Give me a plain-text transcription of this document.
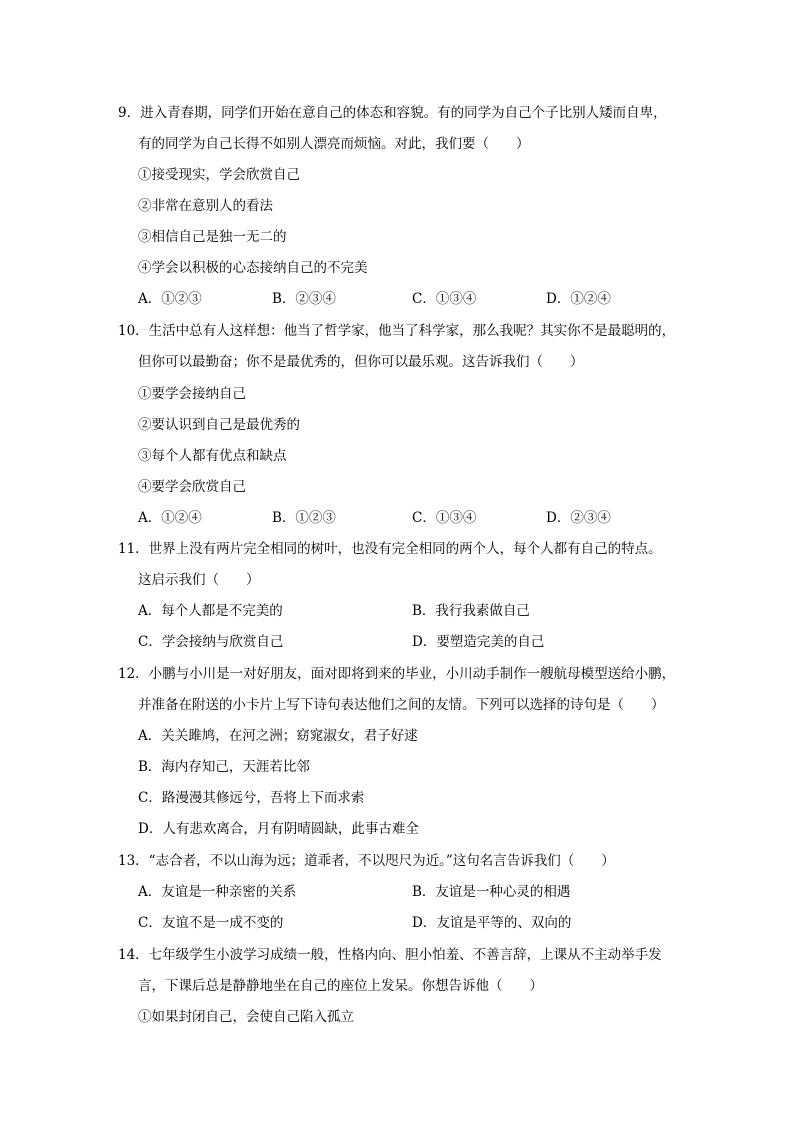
9．进入青春期，同学们开始在意自己的体态和容貌。有的同学为自己个子比别人矮而自卑，
有的同学为自己长得不如别人漂亮而烦恼。对此，我们要（　　）
①接受现实，学会欣赏自己
②非常在意别人的看法
③相信自己是独一无二的
④学会以积极的心态接纳自己的不完美
A．①②③	B．②③④	C．①③④	D．①②④
10．生活中总有人这样想：他当了哲学家，他当了科学家，那么我呢？其实你不是最聪明的，
但你可以最勤奋；你不是最优秀的，但你可以最乐观。这告诉我们（　　）
①要学会接纳自己
②要认识到自己是最优秀的
③每个人都有优点和缺点
④要学会欣赏自己
A．①②④	B．①②③	C．①③④	D．②③④
11．世界上没有两片完全相同的树叶，也没有完全相同的两个人，每个人都有自己的特点。
这启示我们（　　）
A．每个人都是不完美的	B．我行我素做自己
C．学会接纳与欣赏自己	D．要塑造完美的自己
12．小鹏与小川是一对好朋友，面对即将到来的毕业，小川动手制作一艘航母模型送给小鹏，
并准备在附送的小卡片上写下诗句表达他们之间的友情。下列可以选择的诗句是（　　）
A．关关雎鸠，在河之洲；窈窕淑女，君子好逑
B．海内存知己，天涯若比邻
C．路漫漫其修远兮，吾将上下而求索
D．人有悲欢离合，月有阴晴圆缺，此事古难全
13．“志合者，不以山海为远；道乖者，不以咫尺为近。”这句名言告诉我们（　　）
A．友谊是一种亲密的关系	B．友谊是一种心灵的相遇
C．友谊不是一成不变的	D．友谊是平等的、双向的
14．七年级学生小波学习成绩一般，性格内向、胆小怕羞、不善言辞，上课从不主动举手发
言，下课后总是静静地坐在自己的座位上发呆。你想告诉他（　　）
①如果封闭自己，会使自己陷入孤立
